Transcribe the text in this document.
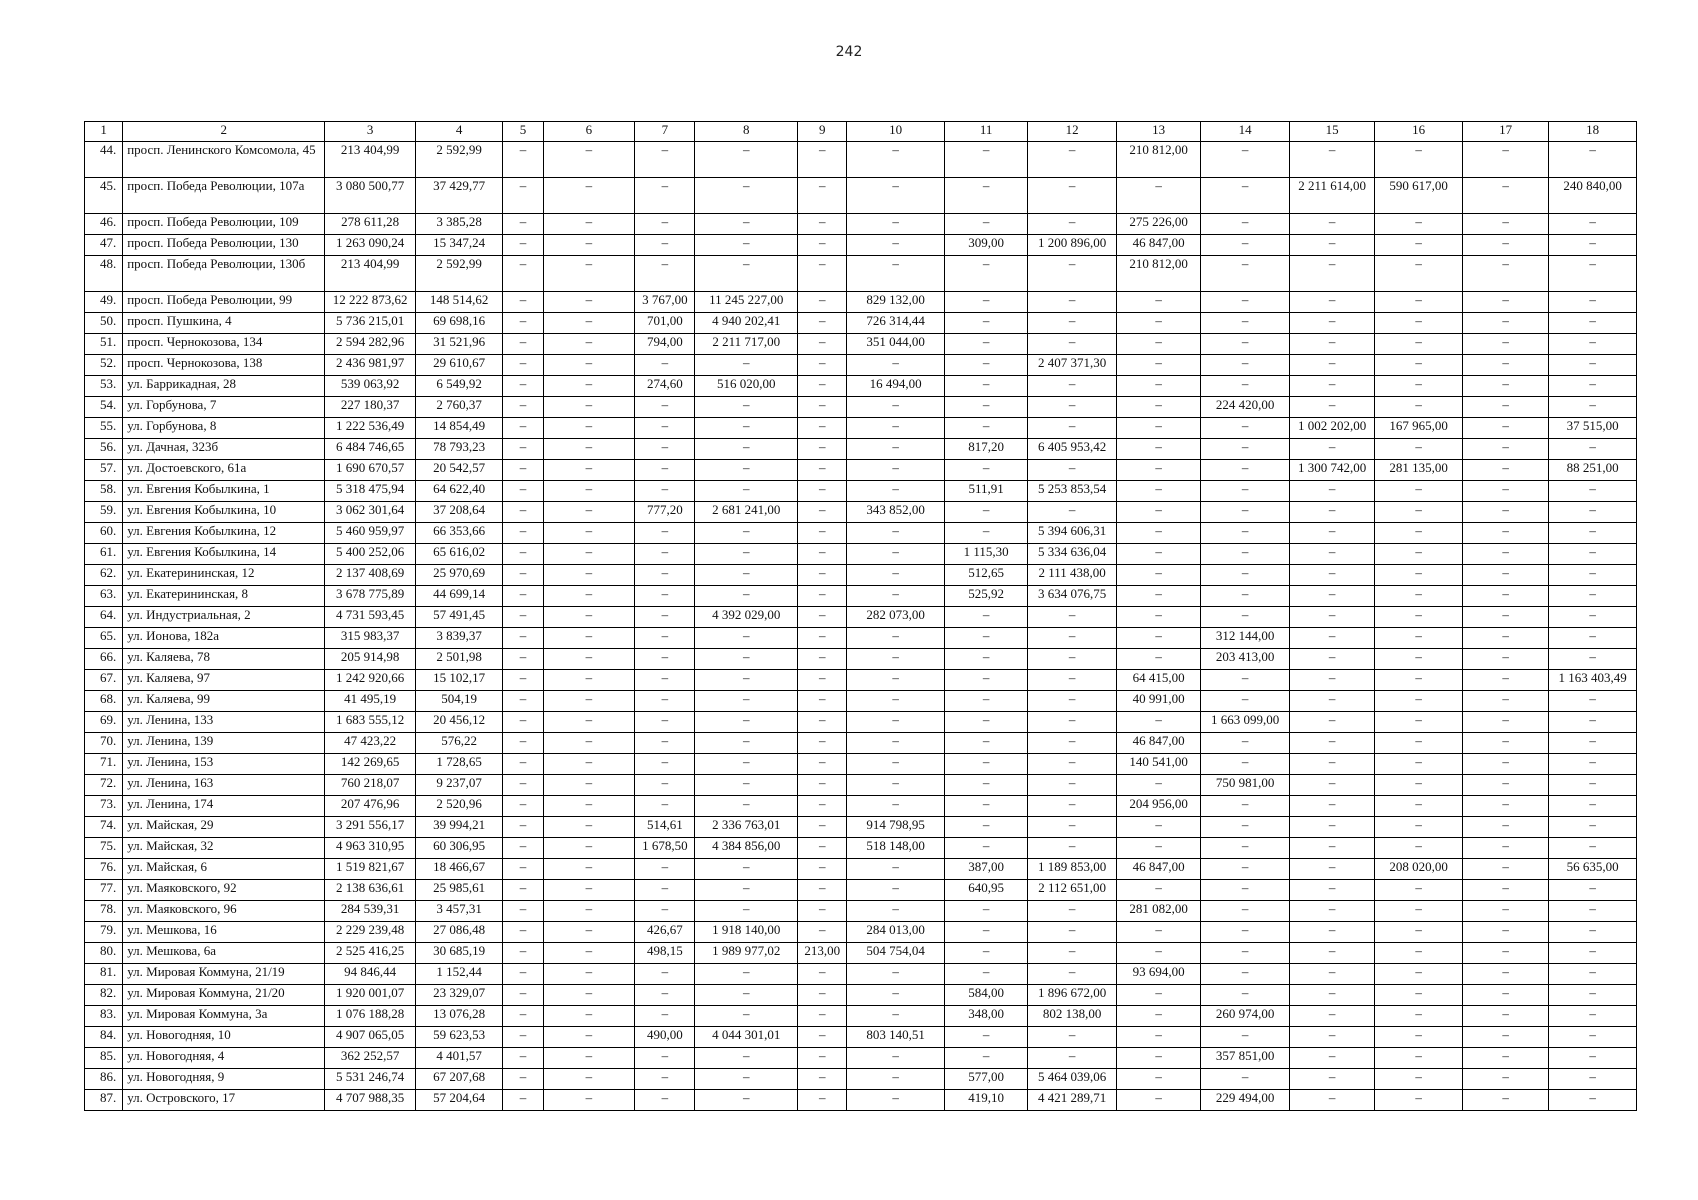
242
1	2	3	4	5	6	7	8	9	10	11	12	13	14	15	16	17	18
44.	просп. Ленинского Комсомола, 45	213 404,99	2 592,99	–	–	–	–	–	–	–	–	210 812,00	–	–	–	–	–
45.	просп. Победа Революции, 107а	3 080 500,77	37 429,77	–	–	–	–	–	–	–	–	–	–	2 211 614,00	590 617,00	–	240 840,00
46.	просп. Победа Революции, 109	278 611,28	3 385,28	–	–	–	–	–	–	–	–	275 226,00	–	–	–	–	–
47.	просп. Победа Революции, 130	1 263 090,24	15 347,24	–	–	–	–	–	–	309,00	1 200 896,00	46 847,00	–	–	–	–	–
48.	просп. Победа Революции, 130б	213 404,99	2 592,99	–	–	–	–	–	–	–	–	210 812,00	–	–	–	–	–
49.	просп. Победа Революции, 99	12 222 873,62	148 514,62	–	–	3 767,00	11 245 227,00	–	829 132,00	–	–	–	–	–	–	–	–
50.	просп. Пушкина, 4	5 736 215,01	69 698,16	–	–	701,00	4 940 202,41	–	726 314,44	–	–	–	–	–	–	–	–
51.	просп. Чернокозова, 134	2 594 282,96	31 521,96	–	–	794,00	2 211 717,00	–	351 044,00	–	–	–	–	–	–	–	–
52.	просп. Чернокозова, 138	2 436 981,97	29 610,67	–	–	–	–	–	–	–	2 407 371,30	–	–	–	–	–	–
53.	ул. Баррикадная, 28	539 063,92	6 549,92	–	–	274,60	516 020,00	–	16 494,00	–	–	–	–	–	–	–	–
54.	ул. Горбунова, 7	227 180,37	2 760,37	–	–	–	–	–	–	–	–	–	224 420,00	–	–	–	–
55.	ул. Горбунова, 8	1 222 536,49	14 854,49	–	–	–	–	–	–	–	–	–	–	1 002 202,00	167 965,00	–	37 515,00
56.	ул. Дачная, 323б	6 484 746,65	78 793,23	–	–	–	–	–	–	817,20	6 405 953,42	–	–	–	–	–	–
57.	ул. Достоевского, 61а	1 690 670,57	20 542,57	–	–	–	–	–	–	–	–	–	–	1 300 742,00	281 135,00	–	88 251,00
58.	ул. Евгения Кобылкина, 1	5 318 475,94	64 622,40	–	–	–	–	–	–	511,91	5 253 853,54	–	–	–	–	–	–
59.	ул. Евгения Кобылкина, 10	3 062 301,64	37 208,64	–	–	777,20	2 681 241,00	–	343 852,00	–	–	–	–	–	–	–	–
60.	ул. Евгения Кобылкина, 12	5 460 959,97	66 353,66	–	–	–	–	–	–	–	5 394 606,31	–	–	–	–	–	–
61.	ул. Евгения Кобылкина, 14	5 400 252,06	65 616,02	–	–	–	–	–	–	1 115,30	5 334 636,04	–	–	–	–	–	–
62.	ул. Екатерининская, 12	2 137 408,69	25 970,69	–	–	–	–	–	–	512,65	2 111 438,00	–	–	–	–	–	–
63.	ул. Екатерининская, 8	3 678 775,89	44 699,14	–	–	–	–	–	–	525,92	3 634 076,75	–	–	–	–	–	–
64.	ул. Индустриальная, 2	4 731 593,45	57 491,45	–	–	–	4 392 029,00	–	282 073,00	–	–	–	–	–	–	–	–
65.	ул. Ионова, 182а	315 983,37	3 839,37	–	–	–	–	–	–	–	–	–	312 144,00	–	–	–	–
66.	ул. Каляева, 78	205 914,98	2 501,98	–	–	–	–	–	–	–	–	–	203 413,00	–	–	–	–
67.	ул. Каляева, 97	1 242 920,66	15 102,17	–	–	–	–	–	–	–	–	64 415,00	–	–	–	–	1 163 403,49
68.	ул. Каляева, 99	41 495,19	504,19	–	–	–	–	–	–	–	–	40 991,00	–	–	–	–	–
69.	ул. Ленина, 133	1 683 555,12	20 456,12	–	–	–	–	–	–	–	–	–	1 663 099,00	–	–	–	–
70.	ул. Ленина, 139	47 423,22	576,22	–	–	–	–	–	–	–	–	46 847,00	–	–	–	–	–
71.	ул. Ленина, 153	142 269,65	1 728,65	–	–	–	–	–	–	–	–	140 541,00	–	–	–	–	–
72.	ул. Ленина, 163	760 218,07	9 237,07	–	–	–	–	–	–	–	–	–	750 981,00	–	–	–	–
73.	ул. Ленина, 174	207 476,96	2 520,96	–	–	–	–	–	–	–	–	204 956,00	–	–	–	–	–
74.	ул. Майская, 29	3 291 556,17	39 994,21	–	–	514,61	2 336 763,01	–	914 798,95	–	–	–	–	–	–	–	–
75.	ул. Майская, 32	4 963 310,95	60 306,95	–	–	1 678,50	4 384 856,00	–	518 148,00	–	–	–	–	–	–	–	–
76.	ул. Майская, 6	1 519 821,67	18 466,67	–	–	–	–	–	–	387,00	1 189 853,00	46 847,00	–	–	208 020,00	–	56 635,00
77.	ул. Маяковского, 92	2 138 636,61	25 985,61	–	–	–	–	–	–	640,95	2 112 651,00	–	–	–	–	–	–
78.	ул. Маяковского, 96	284 539,31	3 457,31	–	–	–	–	–	–	–	–	281 082,00	–	–	–	–	–
79.	ул. Мешкова, 16	2 229 239,48	27 086,48	–	–	426,67	1 918 140,00	–	284 013,00	–	–	–	–	–	–	–	–
80.	ул. Мешкова, 6а	2 525 416,25	30 685,19	–	–	498,15	1 989 977,02	213,00	504 754,04	–	–	–	–	–	–	–	–
81.	ул. Мировая Коммуна, 21/19	94 846,44	1 152,44	–	–	–	–	–	–	–	–	93 694,00	–	–	–	–	–
82.	ул. Мировая Коммуна, 21/20	1 920 001,07	23 329,07	–	–	–	–	–	–	584,00	1 896 672,00	–	–	–	–	–	–
83.	ул. Мировая Коммуна, 3а	1 076 188,28	13 076,28	–	–	–	–	–	–	348,00	802 138,00	–	260 974,00	–	–	–	–
84.	ул. Новогодняя, 10	4 907 065,05	59 623,53	–	–	490,00	4 044 301,01	–	803 140,51	–	–	–	–	–	–	–	–
85.	ул. Новогодняя, 4	362 252,57	4 401,57	–	–	–	–	–	–	–	–	–	357 851,00	–	–	–	–
86.	ул. Новогодняя, 9	5 531 246,74	67 207,68	–	–	–	–	–	–	577,00	5 464 039,06	–	–	–	–	–	–
87.	ул. Островского, 17	4 707 988,35	57 204,64	–	–	–	–	–	–	419,10	4 421 289,71	–	229 494,00	–	–	–	–
